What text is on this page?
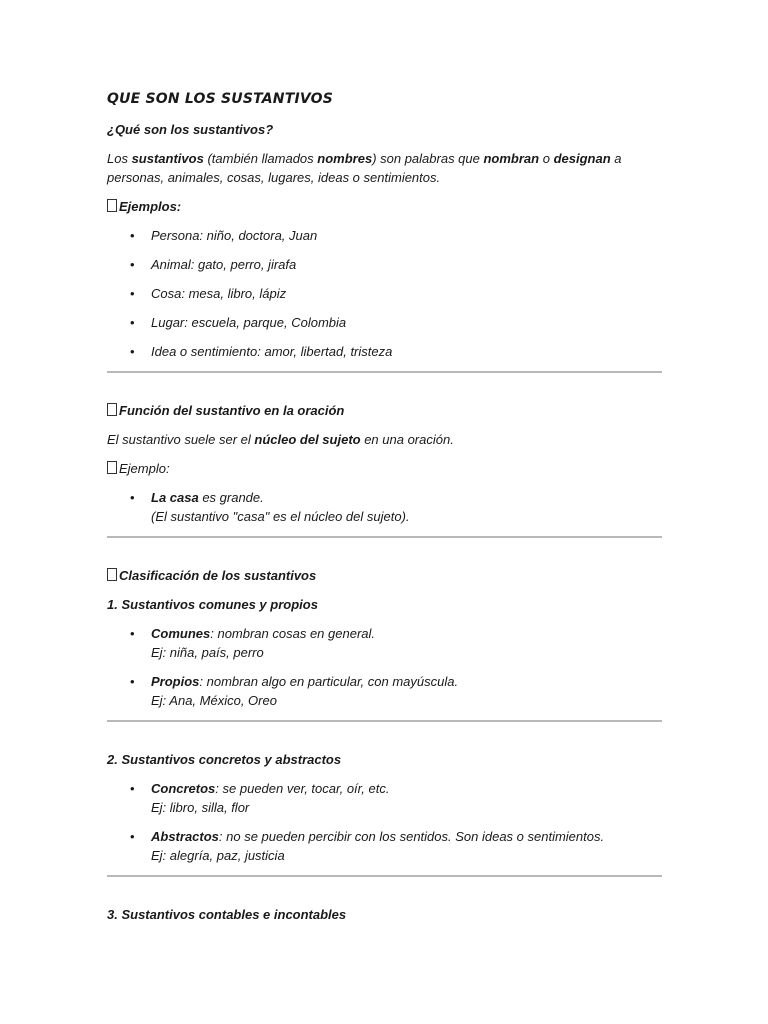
QUE SON LOS SUSTANTIVOS
¿Qué son los sustantivos?
Los sustantivos (también llamados nombres) son palabras que nombran o designan a personas, animales, cosas, lugares, ideas o sentimientos.
Ejemplos:
• Persona: niño, doctora, Juan
• Animal: gato, perro, jirafa
• Cosa: mesa, libro, lápiz
• Lugar: escuela, parque, Colombia
• Idea o sentimiento: amor, libertad, tristeza
Función del sustantivo en la oración
El sustantivo suele ser el núcleo del sujeto en una oración.
Ejemplo:
• La casa es grande.
(El sustantivo "casa" es el núcleo del sujeto).
Clasificación de los sustantivos
1. Sustantivos comunes y propios
• Comunes: nombran cosas en general.
Ej: niña, país, perro
• Propios: nombran algo en particular, con mayúscula.
Ej: Ana, México, Oreo
2. Sustantivos concretos y abstractos
• Concretos: se pueden ver, tocar, oír, etc.
Ej: libro, silla, flor
• Abstractos: no se pueden percibir con los sentidos. Son ideas o sentimientos.
Ej: alegría, paz, justicia
3. Sustantivos contables e incontables
